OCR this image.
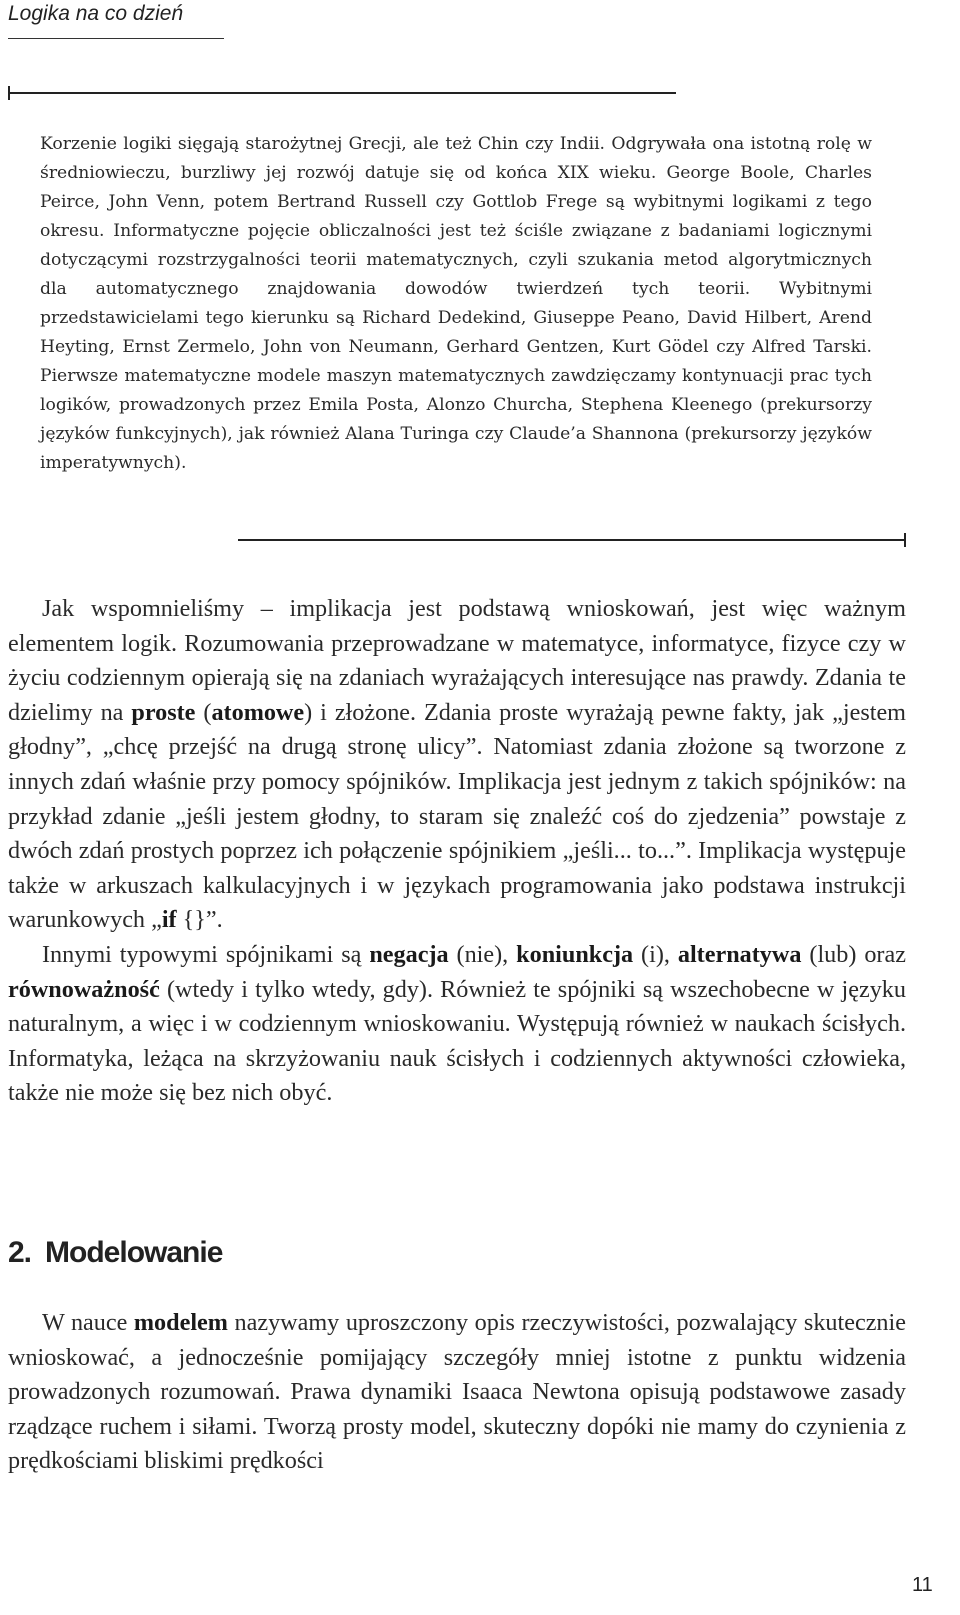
Logika na co dzień

Korzenie logiki sięgają starożytnej Grecji, ale też Chin czy Indii. Odgrywała ona istotną rolę w średniowieczu, burzliwy jej rozwój datuje się od końca XIX wieku. George Boole, Charles Peirce, John Venn, potem Bertrand Russell czy Gottlob Frege są wybitnymi logikami z tego okresu. Informatyczne pojęcie obliczalności jest też ściśle związane z badaniami logicznymi dotyczącymi rozstrzygalności teorii matematycznych, czyli szukania metod algorytmicznych dla automatycznego znajdowania dowodów twierdzeń tych teorii. Wybitnymi przedstawicielami tego kierunku są Richard Dedekind, Giuseppe Peano, David Hilbert, Arend Heyting, Ernst Zermelo, John von Neumann, Gerhard Gentzen, Kurt Gödel czy Alfred Tarski. Pierwsze matematyczne modele maszyn matematycznych zawdzięczamy kontynuacji prac tych logików, prowadzonych przez Emila Posta, Alonzo Churcha, Stephena Kleenego (prekursorzy języków funkcyjnych), jak również Alana Turinga czy Claude’a Shannona (prekursorzy języków imperatywnych).

Jak wspomnieliśmy – implikacja jest podstawą wnioskowań, jest więc ważnym elementem logik. Rozumowania przeprowadzane w matematyce, informatyce, fizyce czy w życiu codziennym opierają się na zdaniach wyrażających interesujące nas prawdy. Zdania te dzielimy na proste (atomowe) i złożone. Zdania proste wyrażają pewne fakty, jak „jestem głodny”, „chcę przejść na drugą stronę ulicy”. Natomiast zdania złożone są tworzone z innych zdań właśnie przy pomocy spójników. Implikacja jest jednym z takich spójników: na przykład zdanie „jeśli jestem głodny, to staram się znaleźć coś do zjedzenia” powstaje z dwóch zdań prostych poprzez ich połączenie spójnikiem „jeśli... to...”. Implikacja występuje także w arkuszach kalkulacyjnych i w językach programowania jako podstawa instrukcji warunkowych „if {}”.

Innymi typowymi spójnikami są negacja (nie), koniunkcja (i), alternatywa (lub) oraz równoważność (wtedy i tylko wtedy, gdy). Również te spójniki są wszechobecne w języku naturalnym, a więc i w codziennym wnioskowaniu. Występują również w naukach ścisłych. Informatyka, leżąca na skrzyżowaniu nauk ścisłych i codziennych aktywności człowieka, także nie może się bez nich obyć.

2. Modelowanie

W nauce modelem nazywamy uproszczony opis rzeczywistości, pozwalający skutecznie wnioskować, a jednocześnie pomijający szczegóły mniej istotne z punktu widzenia prowadzonych rozumowań. Prawa dynamiki Isaaca Newtona opisują podstawowe zasady rządzące ruchem i siłami. Tworzą prosty model, skuteczny dopóki nie mamy do czynienia z prędkościami bliskimi prędkości

11
